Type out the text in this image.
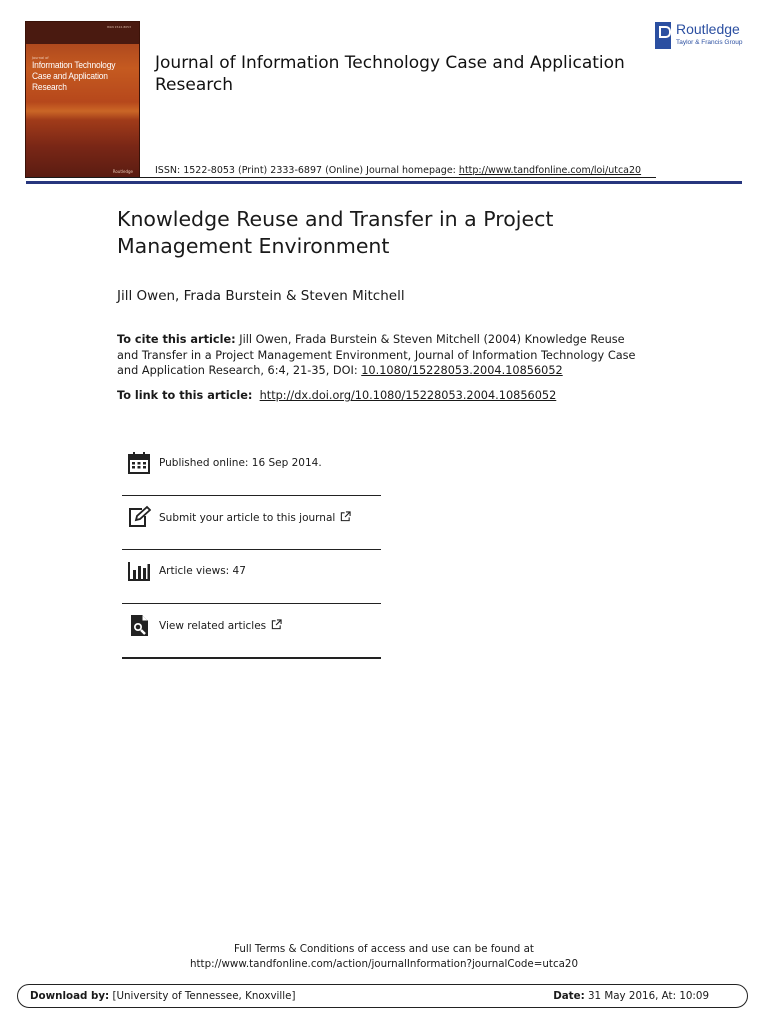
ISSN 1522-8053
Journal of
Information Technology Case and Application Research
Routledge
Journal of Information Technology Case and Application Research
Routledge
Taylor & Francis Group
ISSN: 1522-8053 (Print) 2333-6897 (Online) Journal homepage: http://www.tandfonline.com/loi/utca20
Knowledge Reuse and Transfer in a Project Management Environment
Jill Owen, Frada Burstein & Steven Mitchell
To cite this article: Jill Owen, Frada Burstein & Steven Mitchell (2004) Knowledge Reuse and Transfer in a Project Management Environment, Journal of Information Technology Case and Application Research, 6:4, 21-35, DOI: 10.1080/15228053.2004.10856052
To link to this article: http://dx.doi.org/10.1080/15228053.2004.10856052
Published online: 16 Sep 2014.
Submit your article to this journal
Article views: 47
View related articles
Full Terms & Conditions of access and use can be found at
http://www.tandfonline.com/action/journalInformation?journalCode=utca20
Download by: [University of Tennessee, Knoxville]	Date: 31 May 2016, At: 10:09
